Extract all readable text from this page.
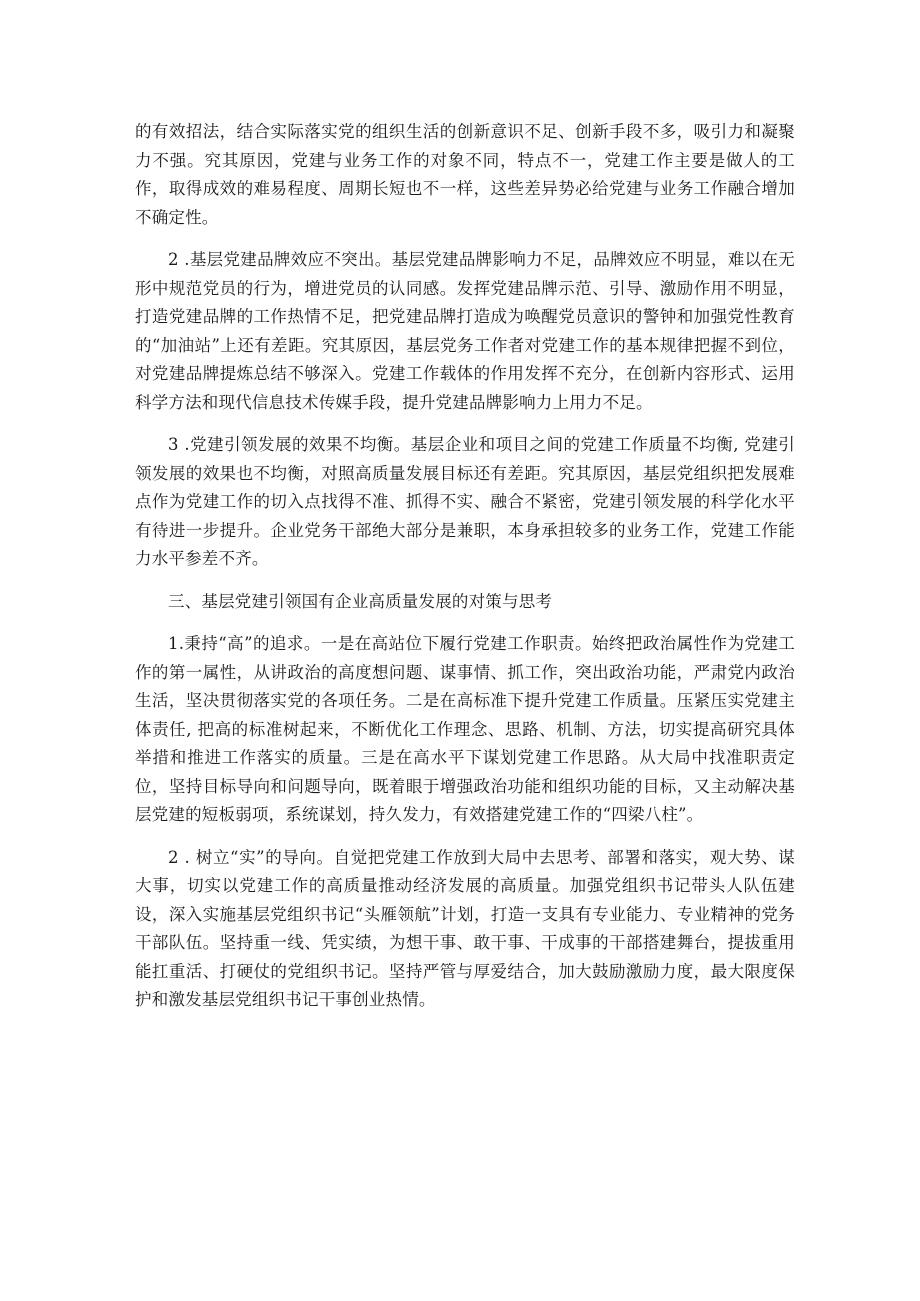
的有效招法，结合实际落实党的组织生活的创新意识不足、创新手段不多，吸引力和凝聚力不强。究其原因，党建与业务工作的对象不同，特点不一，党建工作主要是做人的工作，取得成效的难易程度、周期长短也不一样，这些差异势必给党建与业务工作融合增加不确定性。

2 .基层党建品牌效应不突出。基层党建品牌影响力不足，品牌效应不明显，难以在无形中规范党员的行为，增进党员的认同感。发挥党建品牌示范、引导、激励作用不明显，打造党建品牌的工作热情不足，把党建品牌打造成为唤醒党员意识的警钟和加强党性教育的“加油站”上还有差距。究其原因，基层党务工作者对党建工作的基本规律把握不到位，对党建品牌提炼总结不够深入。党建工作载体的作用发挥不充分，在创新内容形式、运用科学方法和现代信息技术传媒手段，提升党建品牌影响力上用力不足。

3 .党建引领发展的效果不均衡。基层企业和项目之间的党建工作质量不均衡, 党建引领发展的效果也不均衡，对照高质量发展目标还有差距。究其原因，基层党组织把发展难点作为党建工作的切入点找得不准、抓得不实、融合不紧密，党建引领发展的科学化水平有待进一步提升。企业党务干部绝大部分是兼职，本身承担较多的业务工作，党建工作能力水平参差不齐。

三、基层党建引领国有企业高质量发展的对策与思考

1.秉持“高”的追求。一是在高站位下履行党建工作职责。始终把政治属性作为党建工作的第一属性，从讲政治的高度想问题、谋事情、抓工作，突出政治功能，严肃党内政治生活，坚决贯彻落实党的各项任务。二是在高标准下提升党建工作质量。压紧压实党建主体责任, 把高的标准树起来，不断优化工作理念、思路、机制、方法，切实提高研究具体举措和推进工作落实的质量。三是在高水平下谋划党建工作思路。从大局中找准职责定位，坚持目标导向和问题导向，既着眼于增强政治功能和组织功能的目标，又主动解决基层党建的短板弱项，系统谋划，持久发力，有效搭建党建工作的“四梁八柱”。

2 . 树立“实”的导向。自觉把党建工作放到大局中去思考、部署和落实，观大势、谋大事，切实以党建工作的高质量推动经济发展的高质量。加强党组织书记带头人队伍建设，深入实施基层党组织书记“头雁领航”计划，打造一支具有专业能力、专业精神的党务干部队伍。坚持重一线、凭实绩，为想干事、敢干事、干成事的干部搭建舞台，提拔重用能扛重活、打硬仗的党组织书记。坚持严管与厚爱结合，加大鼓励激励力度，最大限度保护和激发基层党组织书记干事创业热情。
